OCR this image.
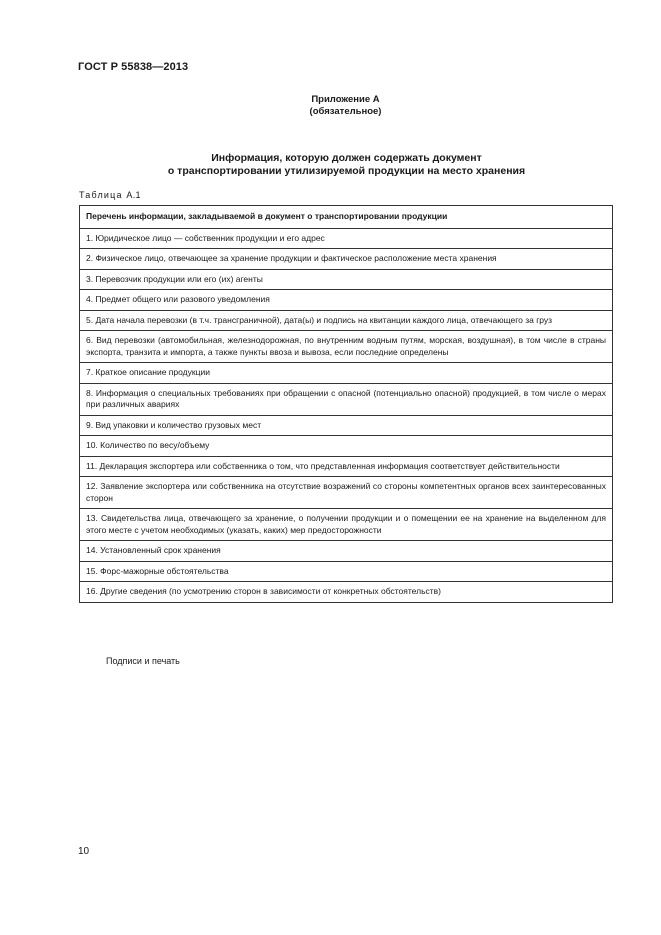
ГОСТ Р 55838—2013
Приложение А
(обязательное)
Информация, которую должен содержать документ
о транспортировании утилизируемой продукции на место хранения
Таблица А.1
Перечень информации, закладываемой в документ о транспортировании продукции
1. Юридическое лицо — собственник продукции и его адрес
2. Физическое лицо, отвечающее за хранение продукции и фактическое расположение места хранения
3. Перевозчик продукции или его (их) агенты
4. Предмет общего или разового уведомления
5. Дата начала перевозки (в т.ч. трансграничной), дата(ы) и подпись на квитанции каждого лица, отвечающего за груз
6. Вид перевозки (автомобильная, железнодорожная, по внутренним водным путям, морская, воздушная), в том числе в страны экспорта, транзита и импорта, а также пункты ввоза и вывоза, если последние определены
7. Краткое описание продукции
8. Информация о специальных требованиях при обращении с опасной (потенциально опасной) продукцией, в том числе о мерах при различных авариях
9. Вид упаковки и количество грузовых мест
10. Количество по весу/объему
11. Декларация экспортера или собственника о том, что представленная информация соответствует действительности
12. Заявление экспортера или собственника на отсутствие возражений со стороны компетентных органов всех заинтересованных сторон
13. Свидетельства лица, отвечающего за хранение, о получении продукции и о помещении ее на хранение на выделенном для этого месте с учетом необходимых (указать, каких) мер предосторожности
14. Установленный срок хранения
15. Форс-мажорные обстоятельства
16. Другие сведения (по усмотрению сторон в зависимости от конкретных обстоятельств)
Подписи и печать
10
